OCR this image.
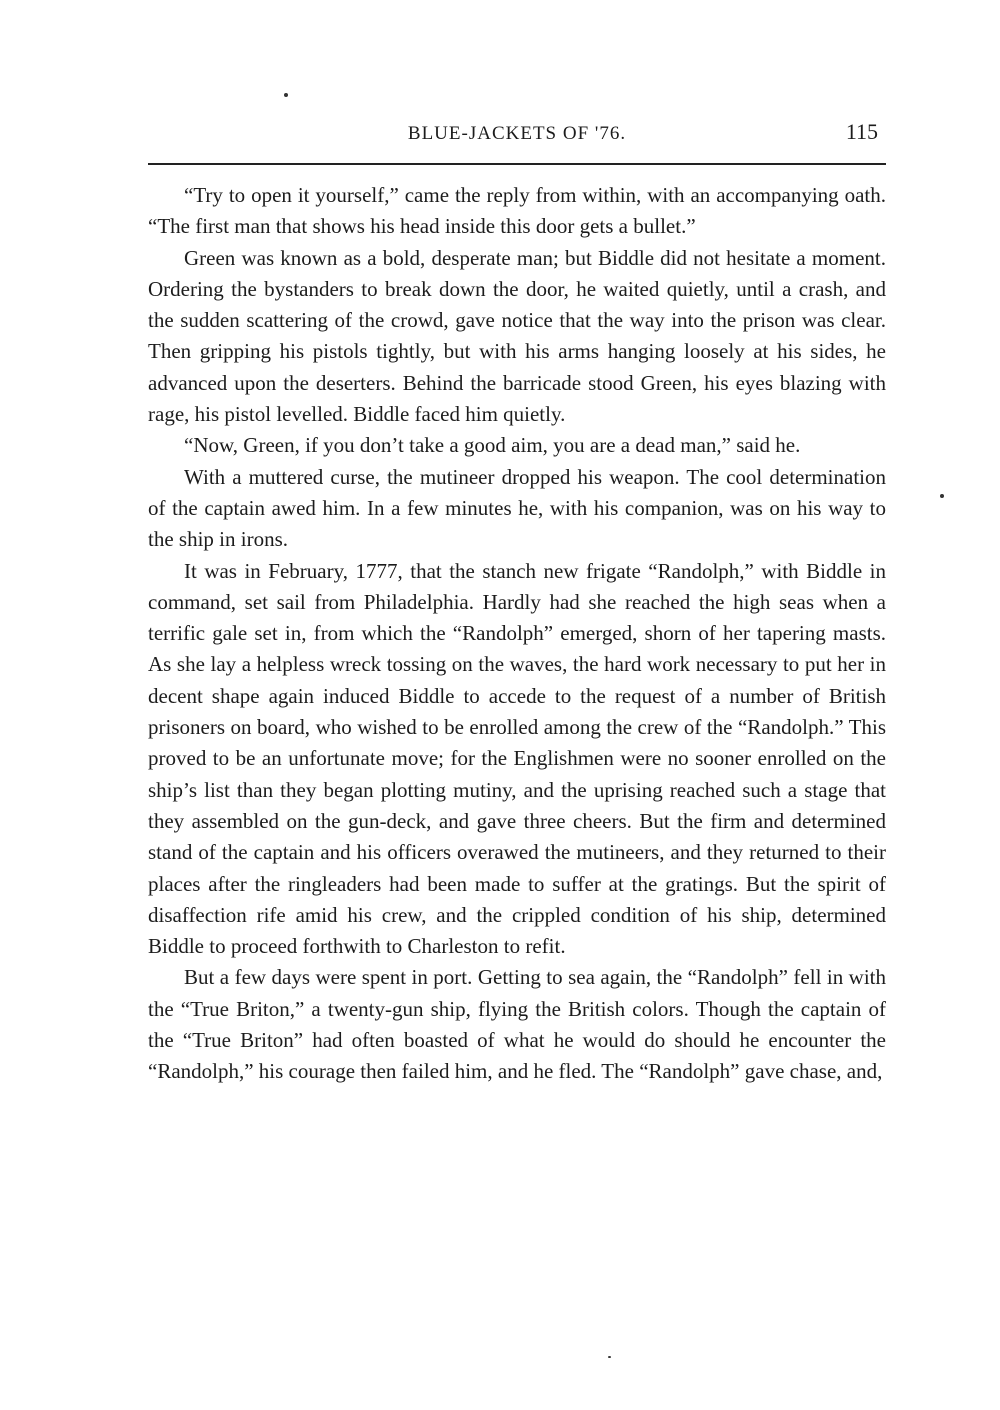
BLUE-JACKETS OF '76.	115

“Try to open it yourself,” came the reply from within, with an accompanying oath. “The first man that shows his head inside this door gets a bullet.”

Green was known as a bold, desperate man; but Biddle did not hesitate a moment. Ordering the bystanders to break down the door, he waited quietly, until a crash, and the sudden scattering of the crowd, gave notice that the way into the prison was clear. Then gripping his pistols tightly, but with his arms hanging loosely at his sides, he advanced upon the deserters. Behind the barricade stood Green, his eyes blazing with rage, his pistol levelled. Biddle faced him quietly.

“Now, Green, if you don’t take a good aim, you are a dead man,” said he.

With a muttered curse, the mutineer dropped his weapon. The cool determination of the captain awed him. In a few minutes he, with his companion, was on his way to the ship in irons.

It was in February, 1777, that the stanch new frigate “Randolph,” with Biddle in command, set sail from Philadelphia. Hardly had she reached the high seas when a terrific gale set in, from which the “Randolph” emerged, shorn of her tapering masts. As she lay a helpless wreck tossing on the waves, the hard work necessary to put her in decent shape again induced Biddle to accede to the request of a number of British prisoners on board, who wished to be enrolled among the crew of the “Randolph.” This proved to be an unfortunate move; for the Englishmen were no sooner enrolled on the ship’s list than they began plotting mutiny, and the uprising reached such a stage that they assembled on the gun-deck, and gave three cheers. But the firm and determined stand of the captain and his officers overawed the mutineers, and they returned to their places after the ringleaders had been made to suffer at the gratings. But the spirit of disaffection rife amid his crew, and the crippled condition of his ship, determined Biddle to proceed forthwith to Charleston to refit.

But a few days were spent in port. Getting to sea again, the “Randolph” fell in with the “True Briton,” a twenty-gun ship, flying the British colors. Though the captain of the “True Briton” had often boasted of what he would do should he encounter the “Randolph,” his courage then failed him, and he fled. The “Randolph” gave chase, and,
